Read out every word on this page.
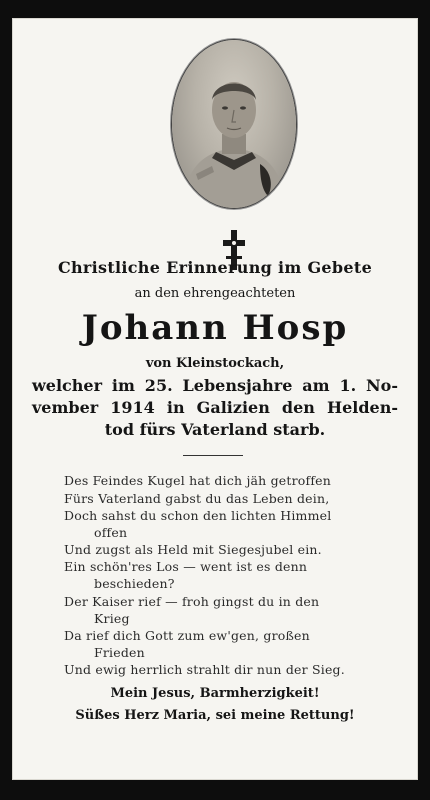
Christliche Erinnerung im Gebete
an den ehrengeachteten
Johann Hosp
von Kleinstockach,
welcher im 25. Lebensjahre am 1. No-
vember 1914 in Galizien den Helden-
tod fürs Vaterland starb.
Des Feindes Kugel hat dich jäh getroffen
Fürs Vaterland gabst du das Leben dein,
Doch sahst du schon den lichten Himmel
offen
Und zugst als Held mit Siegesjubel ein.
Ein schön'res Los — went ist es denn
beschieden?
Der Kaiser rief — froh gingst du in den
Krieg
Da rief dich Gott zum ew'gen, großen
Frieden
Und ewig herrlich strahlt dir nun der Sieg.
Mein Jesus, Barmherzigkeit!
Süßes Herz Maria, sei meine Rettung!
